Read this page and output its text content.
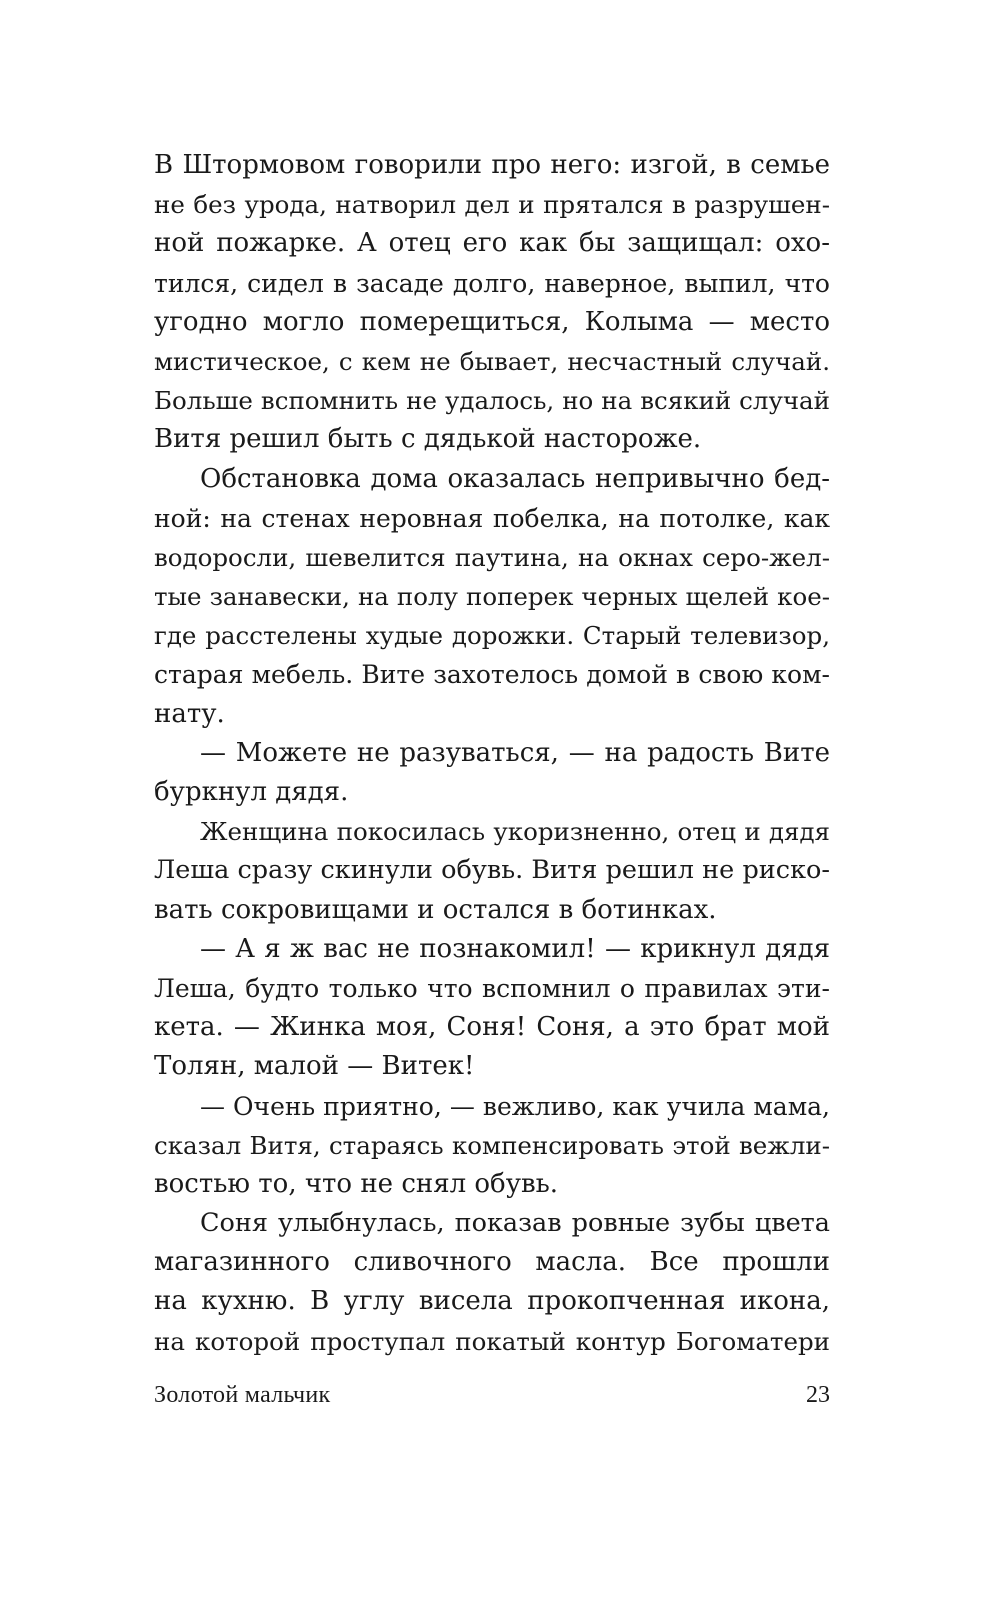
В Штормовом говорили про него: изгой, в семье
не без урода, натворил дел и прятался в разрушен-
ной пожарке. А отец его как бы защищал: охо-
тился, сидел в засаде долго, наверное, выпил, что
угодно могло померещиться, Колыма — место
мистическое, с кем не бывает, несчастный случай.
Больше вспомнить не удалось, но на всякий случай
Витя решил быть с дядькой настороже.
Обстановка дома оказалась непривычно бед-
ной: на стенах неровная побелка, на потолке, как
водоросли, шевелится паутина, на окнах серо-жел-
тые занавески, на полу поперек черных щелей кое-
где расстелены худые дорожки. Старый телевизор,
старая мебель. Вите захотелось домой в свою ком-
нату.
— Можете не разуваться, — на радость Вите
буркнул дядя.
Женщина покосилась укоризненно, отец и дядя
Леша сразу скинули обувь. Витя решил не риско-
вать сокровищами и остался в ботинках.
— А я ж вас не познакомил! — крикнул дядя
Леша, будто только что вспомнил о правилах эти-
кета. — Жинка моя, Соня! Соня, а это брат мой
Толян, малой — Витек!
— Очень приятно, — вежливо, как учила мама,
сказал Витя, стараясь компенсировать этой вежли-
востью то, что не снял обувь.
Соня улыбнулась, показав ровные зубы цвета
магазинного сливочного масла. Все прошли
на кухню. В углу висела прокопченная икона,
на которой проступал покатый контур Богоматери
Золотой мальчик	23
